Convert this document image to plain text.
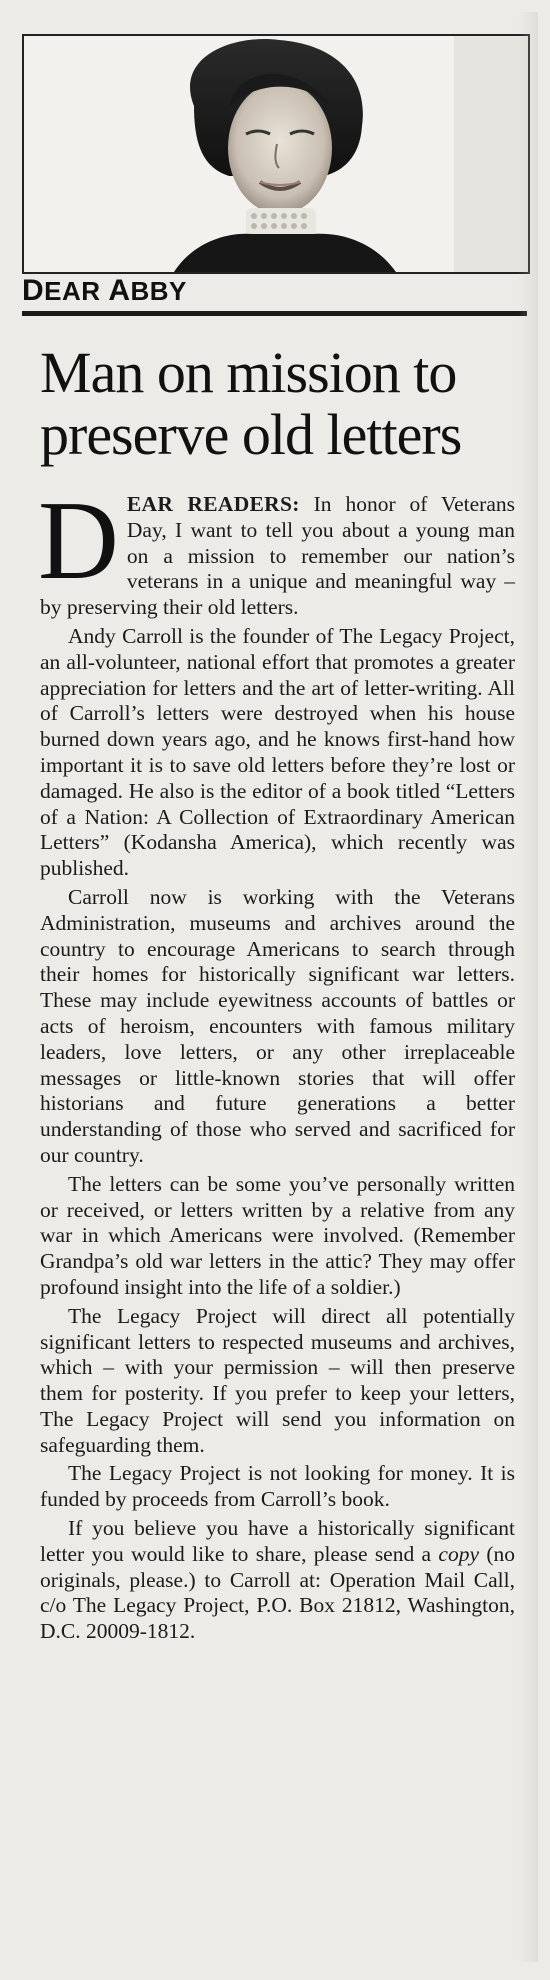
DEAR ABBY
Man on mission to preserve old letters

DEAR READERS: In honor of Veterans Day, I want to tell you about a young man on a mission to remember our nation’s veterans in a unique and meaningful way – by preserving their old letters.

Andy Carroll is the founder of The Legacy Project, an all-volunteer, national effort that promotes a greater appreciation for letters and the art of letter-writing. All of Carroll’s letters were destroyed when his house burned down years ago, and he knows first-hand how important it is to save old letters before they’re lost or damaged. He also is the editor of a book titled “Letters of a Nation: A Collection of Extraordinary American Letters” (Kodansha America), which recently was published.

Carroll now is working with the Veterans Administration, museums and archives around the country to encourage Americans to search through their homes for historically significant war letters. These may include eyewitness accounts of battles or acts of heroism, encounters with famous military leaders, love letters, or any other irreplaceable messages or little-known stories that will offer historians and future generations a better understanding of those who served and sacrificed for our country.

The letters can be some you’ve personally written or received, or letters written by a relative from any war in which Americans were involved. (Remember Grandpa’s old war letters in the attic? They may offer profound insight into the life of a soldier.)

The Legacy Project will direct all potentially significant letters to respected museums and archives, which – with your permission – will then preserve them for posterity. If you prefer to keep your letters, The Legacy Project will send you information on safeguarding them.

The Legacy Project is not looking for money. It is funded by proceeds from Carroll’s book.

If you believe you have a historically significant letter you would like to share, please send a copy (no originals, please.) to Carroll at: Operation Mail Call, c/o The Legacy Project, P.O. Box 21812, Washington, D.C. 20009-1812.
